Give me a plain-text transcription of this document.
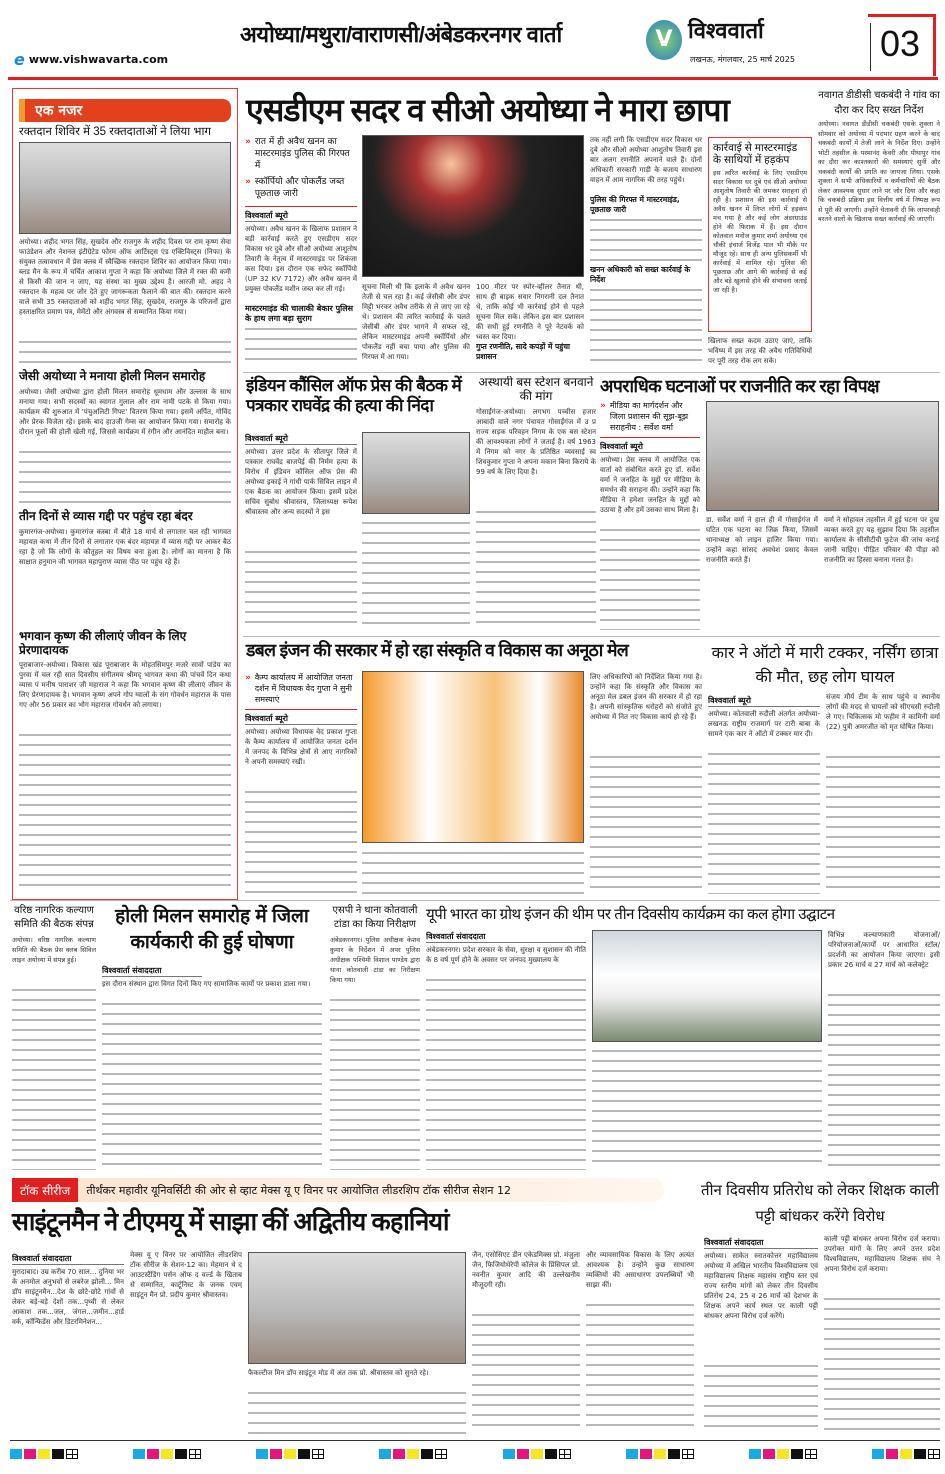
e www.vishwavarta.com
अयोध्या/मथुरा/वाराणसी/अंबेडकरनगर वार्ता	V विश्ववार्ता
लखनऊ, मंगलवार, 25 मार्च 2025 03
एक नजर
रक्तदान शिविर में 35 रक्तदाताओं ने लिया भाग
अयोध्या। शहीद भगत सिंह, सुखदेव और राजगुरु के शहीद दिवस पर राम कृष्ण सेवा फाउंडेशन और नेशनल इंटीग्रेटेड फोरम ऑफ आर्टिस्ट्स एंड एक्टिविस्ट्स (निफा) के संयुक्त तत्वावधान में प्रेस क्लब में स्वैच्छिक रक्तदान शिविर का आयोजन किया गया। ब्लड मैन के रूप में चर्चित आकाश गुप्ता ने कहा कि अयोध्या जिले में रक्त की कमी से किसी की जान न जाए, यह संस्था का मुख्य उद्देश्य है। आरजी मो. अहद ने रक्तदान के महत्व पर जोर देते हुए जागरूकता फैलाने की बात की। रक्तदान करने वाले सभी 35 रक्तदाताओं को शहीद भगत सिंह, सुखदेव, राजगुरु के परिजनों द्वारा हस्ताक्षरित प्रमाण पत्र, मेमेंटो और अंगवस्त्र से सम्मानित किया गया।
जेसी अयोध्या ने मनाया होली मिलन समारोह
अयोध्या। जेसी अयोध्या द्वारा होली मिलन समारोह धूमधाम और उल्लास के साथ मनाया गया। सभी सदस्यों का स्वागत गुलाल और राम नामी पटके से किया गया। कार्यक्रम की शुरुआत में 'पंचुअलिटी गिफ्ट' वितरण किया गया। इसमें अर्पित, गोविंद और प्रेरक विजेता रहे। इसके बाद हाउजी गेम्स का आयोजन किया गया। समारोह के दौरान फूलों की होली खेली गई, जिससे कार्यक्रम में रंगीन और आनंदित माहौल बना।
तीन दिनों से व्यास गद्दी पर पहुंच रहा बंदर
कुमारगंज-अयोध्या। कुमारगंज कस्बा में बीते 18 मार्च से लगातार चल रही भागवत महायज्ञ कथा में तीन दिनों से लगातार एक बंदर महायज्ञ में व्यास गद्दी पर आकर बैठ रहा है जो कि लोगों के कौतूहल का विषय बना हुआ है। लोगों का मानना है कि साक्षात हनुमान जी भागवत महापुराण व्यास पीठ पर पहुंच रहे हैं।
भगवान कृष्ण की लीलाएं जीवन के लिए प्रेरणादायक
पूराबाजार-अयोध्या। विकास खंड पूराबाजार के मोहतसिमपुर मजरे सावों पांडेय का पुरवा में चल रही सात दिवसीय संगीतमय श्रीमद् भागवत कथा की पांचवें दिन कथा व्यास पं मनीष पाराशर जी महाराज ने कहा कि भगवान कृष्ण की लीलाएं जीवन के लिए प्रेरणादायक है। भगवान कृष्ण अपने गोप ग्वालों के संग गोवर्धन महाराज के पास गए और 56 प्रकार का भोग महाराज गोवर्धन को लगाया।
एसडीएम सदर व सीओ अयोध्या ने मारा छापा
» रात में ही अवैध खनन का मास्टरमाइंड पुलिस की गिरफ्त में
» स्कॉर्पियो और पोकलैंड जब्त पूछताछ जारी
विश्ववार्ता ब्यूरो
अयोध्या। अवैध खनन के खिलाफ प्रशासन ने बड़ी कार्रवाई करते हुए एसडीएम सदर विकास धर दुबे और सीओ अयोध्या आशुतोष तिवारी के नेतृत्व में मास्टरमाइंड पर शिकंजा कस दिया। इस दौरान एक सफेद स्कॉर्पियो (UP 32 KV 7172) और अवैध खनन में प्रयुक्त पोकलैंड मशीन जब्त कर ली गई।
मास्टरमाइंड की चालाकी बेकार पुलिस के हाथ लगा बड़ा सुराग
सूचना मिली थी कि इलाके में अवैध खनन तेजी से चल रहा है। कई जेसीबी और डंपर मिट्टी भरकर अवैध तरीके से ले जाए जा रहे थे। प्रशासन की त्वरित कार्रवाई के चलते जेसीबी और डंपर भागने में सफल रहे, लेकिन मास्टरमाइंड अपनी स्कॉर्पियो और पोकलैंड नहीं बचा पाया और पुलिस की गिरफ्त में आ गया।
100 मीटर पर स्पोर-व्हीलर तैनात थी, साथ ही बाइक सवार निगरानी दल तैनात थे, ताकि कोई भी कार्रवाई होने से पहले सूचना मिल सके। लेकिन इस बार प्रशासन की सधी हुई रणनीति ने पूरे नेटवर्क को ध्वस्त कर दिया।
गुप्त रणनीति, सादे कपड़ों में पहुंचा प्रशासन
तक नहीं लगी कि एसडीएम सदर विकास धर दुबे और सीओ अयोध्या आशुतोष तिवारी इस बार अलग रणनीति अपनाने वाले हैं। दोनों अधिकारी सरकारी गाड़ी के बजाय साधारण वाहन में आम नागरिक की तरह पहुंचे।
पुलिस की गिरफ्त में मास्टरमाइंड, पूछताछ जारी
खनन अधिकारी को सख्त कार्रवाई के निर्देश
कार्रवाई से मास्टरमाइंड के साथियों में हड़कंप
इस त्वरित कार्रवाई के लिए एसडीएम सदर विकास धर दुबे एवं सीओ अयोध्या आशुतोष तिवारी की जमकर सराहना हो रही है। प्रशासन की इस कार्रवाई से अवैध खनन में लिप्त लोगों में हड़कंप मच गया है और कई लोग अंडरग्राउंड होने की फिराक में हैं। इस दौरान कोतवाल मनोज कुमार शर्मा अयोध्या एवं चौकी इंचार्ज विजेंद्र पाल भी मौके पर मौजूद रहे। साथ ही अन्य पुलिसकर्मी भी कार्रवाई में शामिल रहे। पुलिस की पूछताछ और आगे की कार्रवाई से कई और बड़े खुलासे होने की संभावना जताई जा रही है।
खिलाफ सख्त कदम उठाए जाएं, ताकि भविष्य में इस तरह की अवैध गतिविधियों पर पूरी तरह रोक लग सके।
नवागत डीडीसी चकबंदी ने गांव का दौरा कर दिए सख्त निर्देश
अयोध्या। नवागत डीडीसी चकबंदी एसके शुक्ला ने सोमवार को अयोध्या में पदभार ग्रहण करने के बाद चकबंदी कार्यों में तेजी लाने के निर्देश दिए। उन्होंने भोटी तहसील के परमानंद केवरी और पीथापुर गांव का दौरा कर काश्तकारों की समस्याएं सुनीं और चकबंदी कार्यों की प्रगति का जायजा लिया। एसके शुक्ला ने सभी अधिकारियों व कर्मचारियों की बैठक लेकर आवश्यक सुधार लाने पर जोर दिया और कहा कि चकबंदी प्रक्रिया इस वित्तीय वर्ष में निष्पक्ष रूप से पूरी की जाएगी। उन्होंने चेतावनी दी कि लापरवाही बरतने वालों के खिलाफ सख्त कार्रवाई की जाएगी।
इंडियन कौंसिल ऑफ प्रेस की बैठक में पत्रकार राघवेंद्र की हत्या की निंदा
विश्ववार्ता ब्यूरो
अयोध्या। उत्तर प्रदेश के सीतापुर जिले में पत्रकार राघवेंद्र बाजपेई की निर्मम हत्या के विरोध में इंडियन कौंसिल ऑफ प्रेस की अयोध्या इकाई ने गांधी पार्क सिविल लाइन में एक बैठक का आयोजन किया। इसमें प्रदेश सचिव सुबोध श्रीवास्तव, जिलाध्यक्ष रूपेश श्रीवास्तव और अन्य सदस्यों ने इस
अस्थायी बस स्टेशन बनवाने की मांग
गोसाईंगंज-अयोध्या। लगभग पच्चीस हजार आबादी वाले नगर पंचायत गोसाईंगंज में उ प्र राज्य सड़क परिवहन निगम के एक बस स्टेशन की आवश्यकता लोगों ने जताई है। वर्ष 1963 में निगम को नगर के प्रतिष्ठित व्यवसाई स्व शिवकुमार गुप्ता ने अपना मकान बिना किराये के 99 वर्ष के लिए दिया है।
अपराधिक घटनाओं पर राजनीति कर रहा विपक्ष
» मीडिया का मार्गदर्शन और जिला प्रशासन की सूझ-बूझ सराहनीय : सर्वेश वर्मा
विश्ववार्ता ब्यूरो
अयोध्या। प्रेस क्लब में आयोजित एक वार्ता को संबोधित करते हुए डॉ. सर्वेश वर्मा ने जनहित के मुद्दों पर मीडिया के समर्थन की सराहना की। उन्होंने कहा कि मीडिया ने हमेशा जनहित के मुद्दों को उठाया है और हमें उसका साथ मिला है।
डा. सर्वेश वर्मा ने हाल ही में गोसाईगंज में घटित एक घटना का जिक्र किया, जिसमें थानाध्यक्ष को लाइन हाजिर किया गया। उन्होंने कहा सांसद अवधेश प्रसाद केवल राजनीति करते हैं।
वर्मा ने सोहावल तहसील में हुई घटना पर दुख व्यक्त करते हुए यह सुझाव दिया कि तहसील कार्यालय के सीसीटीवी फुटेज की जांच कराई जानी चाहिए। पीड़ित परिवार की पीड़ा को राजनीति का हिस्सा बनाना गलत है।
डबल इंजन की सरकार में हो रहा संस्कृति व विकास का अनूठा मेल
» कैम्प कार्यालय में आयोजित जनता दर्शन में विधायक वेद गुप्ता ने सुनी समस्याएं
विश्ववार्ता ब्यूरो
अयोध्या। अयोध्या विधायक वेद प्रकाश गुप्ता के कैम्प कार्यालय में आयोजित जनता दर्शन में जनपद के विभिन्न क्षेत्रों से आए नागरिकों ने अपनी समस्याएं रखीं।
लिए अधिकारियों को निर्देशित किया गया है। उन्होंने कहा कि संस्कृति और विकास का अनूठा मेल डबल इंजन की सरकार में हो रहा है। अपनी सांस्कृतिक धरोहरों को संजोते हुए अयोध्या में नित नए विकास कार्य हो रहे हैं।
कार ने ऑटो में मारी टक्कर, नर्सिंग छात्रा की मौत, छह लोग घायल
विश्ववार्ता ब्यूरो
अयोध्या। कोतवाली रुदौली अंतर्गत अयोध्या-लखनऊ राष्ट्रीय राजमार्ग पर टारी बाबा के सामने एक कार ने ऑटो में टक्कर मार दी।
संजय मौर्य टीम के साथ पहुंचे व स्थानीय लोगों की मदद से घायलों को सीएचसी रुदौली ले गए। चिकित्सक मो फहीम ने कामिनी वर्मा (22) पुत्री अमरजीत को मृत घोषित किया।
वरिष्ठ नागरिक कल्याण समिति की बैठक संपन्न
अयोध्या। वरिष्ठ नागरिक कल्याण समिति की बैठक प्रेस क्लब सिविल लाइन अयोध्या में संपन्न हुई।
होली मिलन समारोह में जिला कार्यकारी की हुई घोषणा
विश्ववार्ता संवाददाता
इस दौरान संस्थान द्वारा विगत दिनों किए गए सामाजिक कार्यों पर प्रकाश डाला गया।
एसपी ने थाना कोतवाली टांडा का किया निरीक्षण
अंबेडकरनगर। पुलिस अधीक्षक केशव कुमार के निर्देशन में अपर पुलिस अधीक्षक पश्चिमी विशाल पाण्डेय द्वारा थाना कोतवाली टांडा का निरीक्षण किया गया।
यूपी भारत का ग्रोथ इंजन की थीम पर तीन दिवसीय कार्यक्रम का कल होगा उद्घाटन
विश्ववार्ता संवाददाता
अंबेडकरनगर। प्रदेश सरकार के सेवा, सुरक्षा व सुशासन की नीति के 8 वर्ष पूर्ण होने के अवसर पर जनपद मुख्यालय के
विभिन्न कल्याणकारी योजनाओं/परियोजनाओं/कार्यों पर आधारित स्टॉल/प्रदर्शनी का आयोजन किया जाएगा। इसी प्रकार 26 मार्च व 27 मार्च को कलेक्ट्रेट
टॉक सीरीज	तीर्थंकर महावीर यूनिवर्सिटी की ओर से व्हाट मेक्स यू ए विनर पर आयोजित लीडरशिप टॉक सीरीज सेशन 12
साइंटूनमैन ने टीएमयू में साझा कीं अद्वितीय कहानियां
विश्ववार्ता संवाददाता
मुरादाबाद। उम्र करीब 70 साल... दुनिया भर के अनमोल अनुभवों से लबरेज झोली... मिन डॉप साइंटूनमैन...देश के छोटे-छोटे गांवों से लेकर बड़े-बड़े देशों तक...पृथ्वी से लेकर आकाश तक...जल, जंगल...जमीन...हार्ड वर्क, कॉन्फिडेंस और डिटरमिनेशन...
मेक्स यू ए विनर पर आयोजित लीडरशिप टॉक सीरीज के सेशन-12 का। मेहमान थे द आउटस्टैंडिंग पर्सन ऑफ द वर्ल्ड के खिताब से सम्मानित, कार्टूनिस्ट के जनक एवम् साइंटून मैन प्रो. प्रदीप कुमार श्रीवास्तव।
फैकल्टीज मिन डॉप साइंटून मोड में अंत तक प्रो. श्रीवास्तव को सुनते रहे।
जैन, एसोसिएट डीन एकेडमिक्स प्रो. मंजुला जैन, फिजियोथेरेपी कॉलेज के प्रिंसिपल प्रो. नवनीत कुमार आदि की उल्लेखनीय मौजूदगी रही।
और व्यावसायिक विकास के लिए अत्यंत आवश्यक है। उन्होंने कुछ साधारण व्यक्तियों की असाधारण उपलब्धियों भी साझा कीं।
तीन दिवसीय प्रतिरोध को लेकर शिक्षक काली पट्टी बांधकर करेंगे विरोध
विश्ववार्ता संवाददाता
अयोध्या। साकेत स्नातकोत्तर महाविद्यालय अयोध्या में अखिल भारतीय विश्वविद्यालय एवं महाविद्यालय शिक्षक महासंघ राष्ट्रीय स्तर एवं राज्य स्तरीय मांगों को लेकर तीन दिवसीय प्रतिरोध 24, 25 व 26 मार्च को देशभर के शिक्षक अपने कार्य स्थल पर काली पट्टी बांधकर अपना विरोध दर्ज करेंगे।
काली पट्टी बांधकर अपना विरोध दर्ज कराया। उपरोक्त मांगों के लिए अपने उत्तर प्रदेश विश्वविद्यालय, महाविद्यालय शिक्षक संघ ने अपना विरोध दर्ज कराया।
